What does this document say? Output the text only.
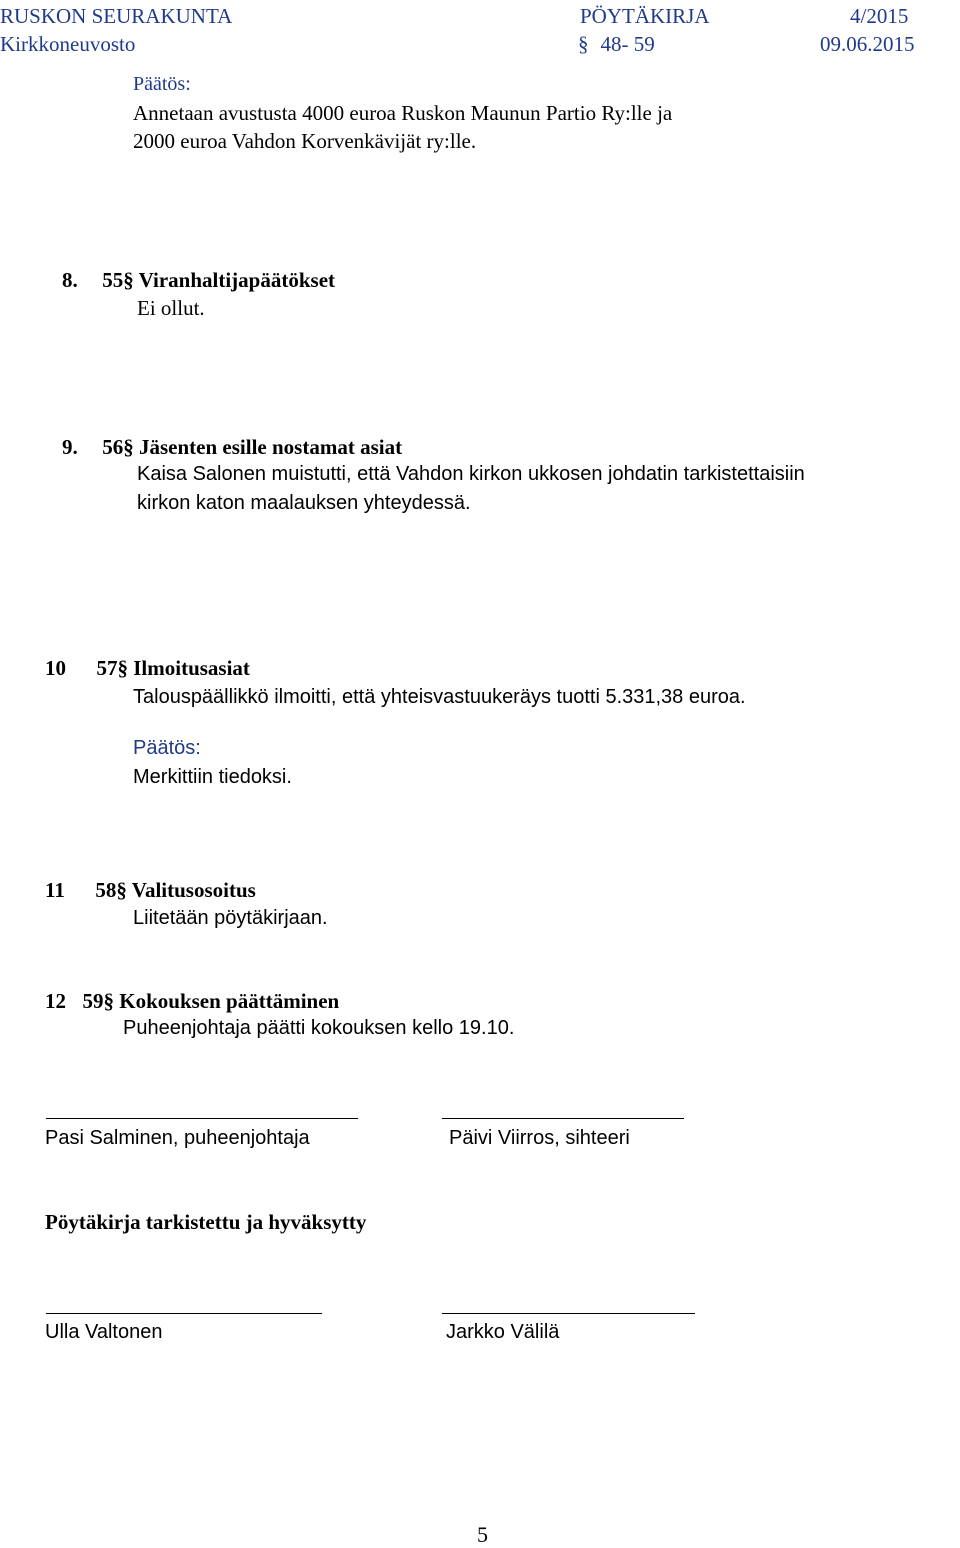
RUSKON SEURAKUNTA	PÖYTÄKIRJA	4/2015
Kirkkoneuvosto	§ 48- 59	09.06.2015
Päätös:
Annetaan avustusta 4000 euroa Ruskon Maunun Partio Ry:lle ja
2000 euroa Vahdon Korvenkävijät ry:lle.
8. 55§ Viranhaltijapäätökset
Ei ollut.
9. 56§ Jäsenten esille nostamat asiat
Kaisa Salonen muistutti, että Vahdon kirkon ukkosen johdatin tarkistettaisiin
kirkon katon maalauksen yhteydessä.
10 57§ Ilmoitusasiat
Talouspäällikkö ilmoitti, että yhteisvastuukeräys tuotti 5.331,38 euroa.
Päätös:
Merkittiin tiedoksi.
11 58§ Valitusosoitus
Liitetään pöytäkirjaan.
12 59§ Kokouksen päättäminen
Puheenjohtaja päätti kokouksen kello 19.10.
Pasi Salminen, puheenjohtaja	Päivi Viirros, sihteeri
Pöytäkirja tarkistettu ja hyväksytty
Ulla Valtonen	Jarkko Välilä
5
